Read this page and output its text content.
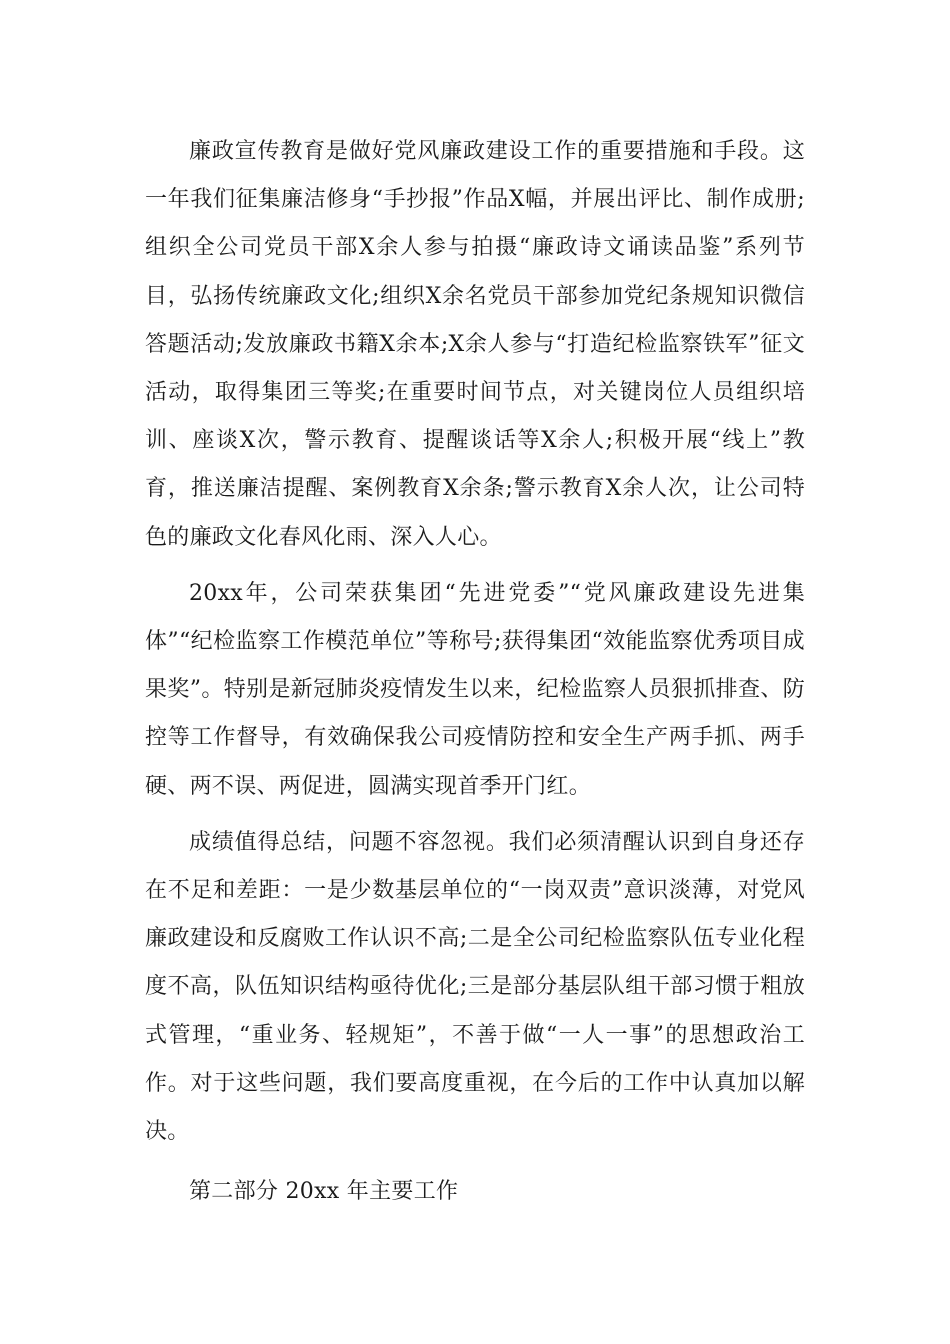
廉政宣传教育是做好党风廉政建设工作的重要措施和手段。这一年我们征集廉洁修身“手抄报”作品X幅，并展出评比、制作成册;组织全公司党员干部X余人参与拍摄“廉政诗文诵读品鉴”系列节目，弘扬传统廉政文化;组织X余名党员干部参加党纪条规知识微信答题活动;发放廉政书籍X余本;X余人参与“打造纪检监察铁军”征文活动，取得集团三等奖;在重要时间节点，对关键岗位人员组织培训、座谈X次，警示教育、提醒谈话等X余人;积极开展“线上”教育，推送廉洁提醒、案例教育X余条;警示教育X余人次，让公司特色的廉政文化春风化雨、深入人心。

20xx年，公司荣获集团“先进党委”“党风廉政建设先进集体”“纪检监察工作模范单位”等称号;获得集团“效能监察优秀项目成果奖”。特别是新冠肺炎疫情发生以来，纪检监察人员狠抓排查、防控等工作督导，有效确保我公司疫情防控和安全生产两手抓、两手硬、两不误、两促进，圆满实现首季开门红。

成绩值得总结，问题不容忽视。我们必须清醒认识到自身还存在不足和差距：一是少数基层单位的“一岗双责”意识淡薄，对党风廉政建设和反腐败工作认识不高;二是全公司纪检监察队伍专业化程度不高，队伍知识结构亟待优化;三是部分基层队组干部习惯于粗放式管理，“重业务、轻规矩”，不善于做“一人一事”的思想政治工作。对于这些问题，我们要高度重视，在今后的工作中认真加以解决。

第二部分 20xx 年主要工作
